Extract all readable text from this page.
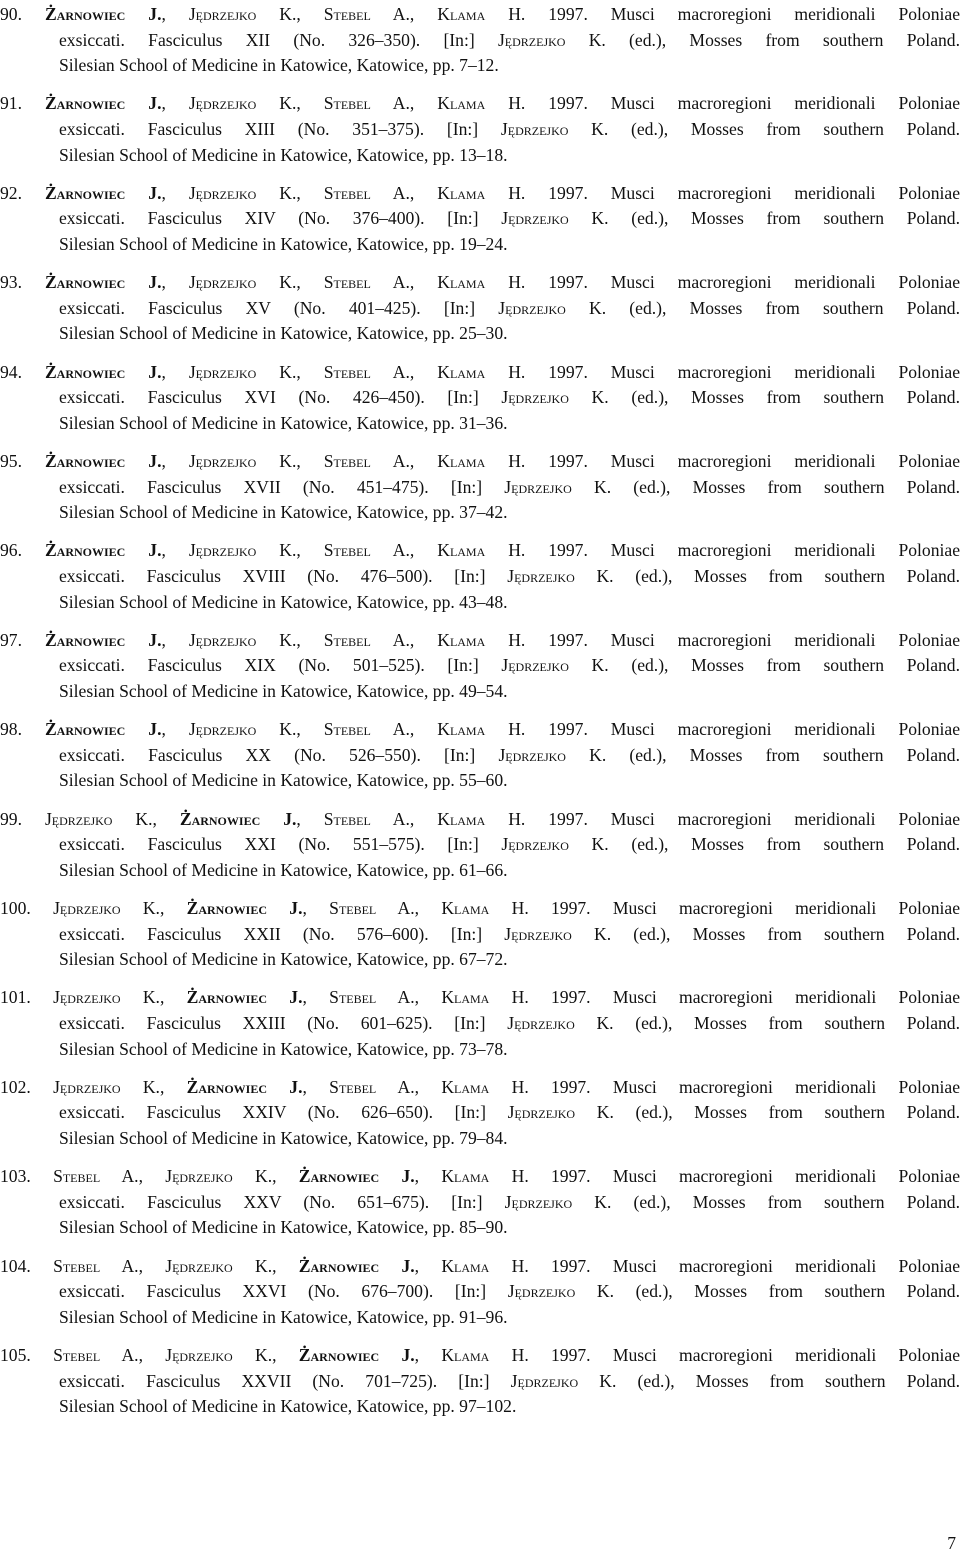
90. Żarnowiec J., Jędrzejko K., Stebel A., Klama H. 1997. Musci macroregioni meridionali Poloniae
exsiccati. Fasciculus XII (No. 326–350). [In:] Jędrzejko K. (ed.), Mosses from southern Poland.
Silesian School of Medicine in Katowice, Katowice, pp. 7–12.
91. Żarnowiec J., Jędrzejko K., Stebel A., Klama H. 1997. Musci macroregioni meridionali Poloniae
exsiccati. Fasciculus XIII (No. 351–375). [In:] Jędrzejko K. (ed.), Mosses from southern Poland.
Silesian School of Medicine in Katowice, Katowice, pp. 13–18.
92. Żarnowiec J., Jędrzejko K., Stebel A., Klama H. 1997. Musci macroregioni meridionali Poloniae
exsiccati. Fasciculus XIV (No. 376–400). [In:] Jędrzejko K. (ed.), Mosses from southern Poland.
Silesian School of Medicine in Katowice, Katowice, pp. 19–24.
93. Żarnowiec J., Jędrzejko K., Stebel A., Klama H. 1997. Musci macroregioni meridionali Poloniae
exsiccati. Fasciculus XV (No. 401–425). [In:] Jędrzejko K. (ed.), Mosses from southern Poland.
Silesian School of Medicine in Katowice, Katowice, pp. 25–30.
94. Żarnowiec J., Jędrzejko K., Stebel A., Klama H. 1997. Musci macroregioni meridionali Poloniae
exsiccati. Fasciculus XVI (No. 426–450). [In:] Jędrzejko K. (ed.), Mosses from southern Poland.
Silesian School of Medicine in Katowice, Katowice, pp. 31–36.
95. Żarnowiec J., Jędrzejko K., Stebel A., Klama H. 1997. Musci macroregioni meridionali Poloniae
exsiccati. Fasciculus XVII (No. 451–475). [In:] Jędrzejko K. (ed.), Mosses from southern Poland.
Silesian School of Medicine in Katowice, Katowice, pp. 37–42.
96. Żarnowiec J., Jędrzejko K., Stebel A., Klama H. 1997. Musci macroregioni meridionali Poloniae
exsiccati. Fasciculus XVIII (No. 476–500). [In:] Jędrzejko K. (ed.), Mosses from southern Poland.
Silesian School of Medicine in Katowice, Katowice, pp. 43–48.
97. Żarnowiec J., Jędrzejko K., Stebel A., Klama H. 1997. Musci macroregioni meridionali Poloniae
exsiccati. Fasciculus XIX (No. 501–525). [In:] Jędrzejko K. (ed.), Mosses from southern Poland.
Silesian School of Medicine in Katowice, Katowice, pp. 49–54.
98. Żarnowiec J., Jędrzejko K., Stebel A., Klama H. 1997. Musci macroregioni meridionali Poloniae
exsiccati. Fasciculus XX (No. 526–550). [In:] Jędrzejko K. (ed.), Mosses from southern Poland.
Silesian School of Medicine in Katowice, Katowice, pp. 55–60.
99. Jędrzejko K., Żarnowiec J., Stebel A., Klama H. 1997. Musci macroregioni meridionali Poloniae
exsiccati. Fasciculus XXI (No. 551–575). [In:] Jędrzejko K. (ed.), Mosses from southern Poland.
Silesian School of Medicine in Katowice, Katowice, pp. 61–66.
100. Jędrzejko K., Żarnowiec J., Stebel A., Klama H. 1997. Musci macroregioni meridionali Poloniae
exsiccati. Fasciculus XXII (No. 576–600). [In:] Jędrzejko K. (ed.), Mosses from southern Poland.
Silesian School of Medicine in Katowice, Katowice, pp. 67–72.
101. Jędrzejko K., Żarnowiec J., Stebel A., Klama H. 1997. Musci macroregioni meridionali Poloniae
exsiccati. Fasciculus XXIII (No. 601–625). [In:] Jędrzejko K. (ed.), Mosses from southern Poland.
Silesian School of Medicine in Katowice, Katowice, pp. 73–78.
102. Jędrzejko K., Żarnowiec J., Stebel A., Klama H. 1997. Musci macroregioni meridionali Poloniae
exsiccati. Fasciculus XXIV (No. 626–650). [In:] Jędrzejko K. (ed.), Mosses from southern Poland.
Silesian School of Medicine in Katowice, Katowice, pp. 79–84.
103. Stebel A., Jędrzejko K., Żarnowiec J., Klama H. 1997. Musci macroregioni meridionali Poloniae
exsiccati. Fasciculus XXV (No. 651–675). [In:] Jędrzejko K. (ed.), Mosses from southern Poland.
Silesian School of Medicine in Katowice, Katowice, pp. 85–90.
104. Stebel A., Jędrzejko K., Żarnowiec J., Klama H. 1997. Musci macroregioni meridionali Poloniae
exsiccati. Fasciculus XXVI (No. 676–700). [In:] Jędrzejko K. (ed.), Mosses from southern Poland.
Silesian School of Medicine in Katowice, Katowice, pp. 91–96.
105. Stebel A., Jędrzejko K., Żarnowiec J., Klama H. 1997. Musci macroregioni meridionali Poloniae
exsiccati. Fasciculus XXVII (No. 701–725). [In:] Jędrzejko K. (ed.), Mosses from southern Poland.
Silesian School of Medicine in Katowice, Katowice, pp. 97–102.
7
